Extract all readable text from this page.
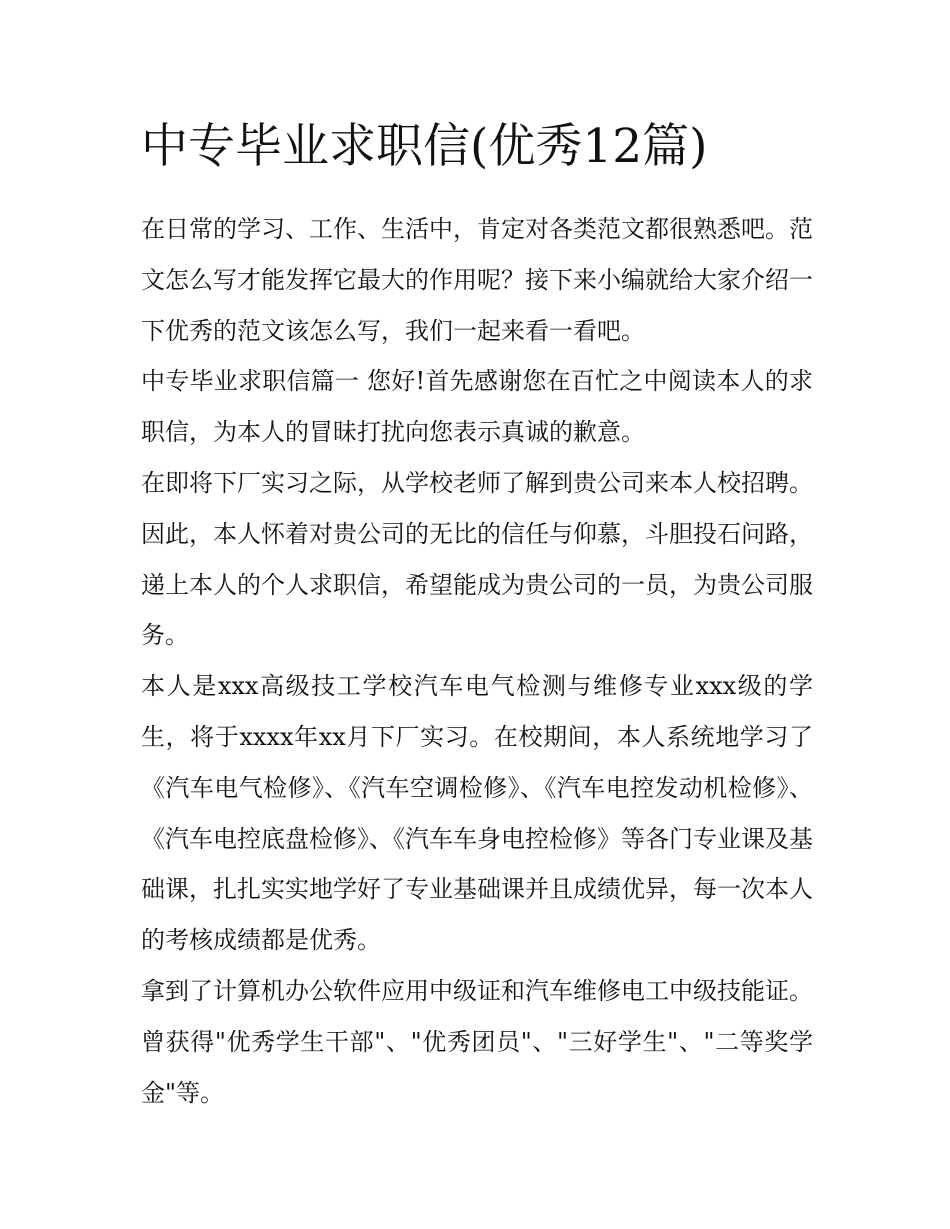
中专毕业求职信(优秀12篇)

在日常的学习、工作、生活中，肯定对各类范文都很熟悉吧。范文怎么写才能发挥它最大的作用呢？接下来小编就给大家介绍一下优秀的范文该怎么写，我们一起来看一看吧。

中专毕业求职信篇一 您好!首先感谢您在百忙之中阅读本人的求职信，为本人的冒昧打扰向您表示真诚的歉意。

在即将下厂实习之际，从学校老师了解到贵公司来本人校招聘。因此，本人怀着对贵公司的无比的信任与仰慕，斗胆投石问路，递上本人的个人求职信，希望能成为贵公司的一员，为贵公司服务。

本人是xxx高级技工学校汽车电气检测与维修专业xxx级的学生，将于xxxx年xx月下厂实习。在校期间，本人系统地学习了《汽车电气检修》、《汽车空调检修》、《汽车电控发动机检修》、《汽车电控底盘检修》、《汽车车身电控检修》等各门专业课及基础课，扎扎实实地学好了专业基础课并且成绩优异，每一次本人的考核成绩都是优秀。

拿到了计算机办公软件应用中级证和汽车维修电工中级技能证。曾获得"优秀学生干部"、"优秀团员"、"三好学生"、"二等奖学金"等。
